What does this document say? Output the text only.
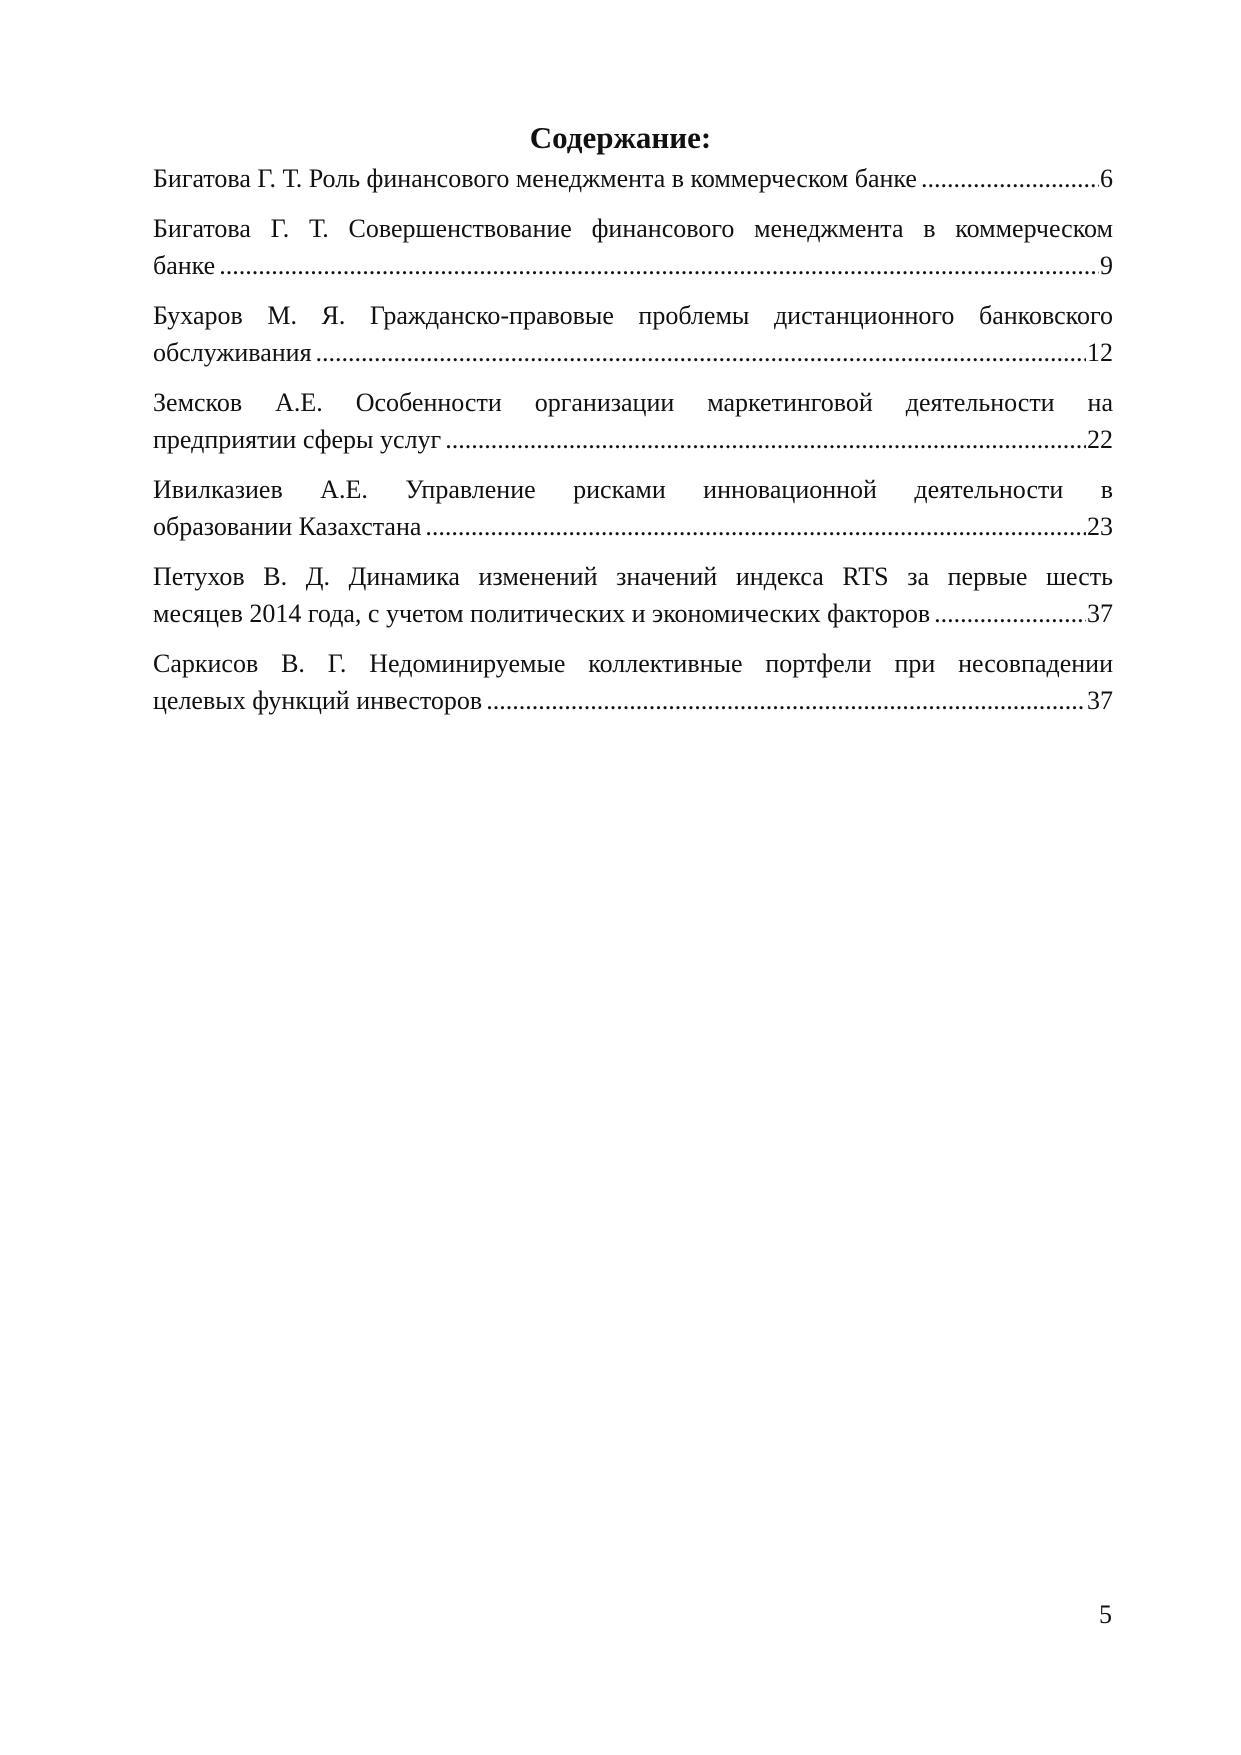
Содержание:
Бигатова Г. Т. Роль финансового менеджмента в коммерческом банке .....	6
Бигатова Г. Т. Совершенствование финансового менеджмента в коммерческом
банке .....	9
Бухаров М. Я. Гражданско-правовые проблемы дистанционного банковского
обслуживания .....	12
Земсков А.Е. Особенности организации маркетинговой деятельности на
предприятии сферы услуг .....	22
Ивилказиев А.Е. Управление рисками инновационной деятельности в
образовании Казахстана .....	23
Петухов В. Д. Динамика изменений значений индекса RTS за первые шесть
месяцев 2014 года, с учетом политических и экономических факторов .....	37
Саркисов В. Г. Недоминируемые коллективные портфели при несовпадении
целевых функций инвесторов .....	37
5
